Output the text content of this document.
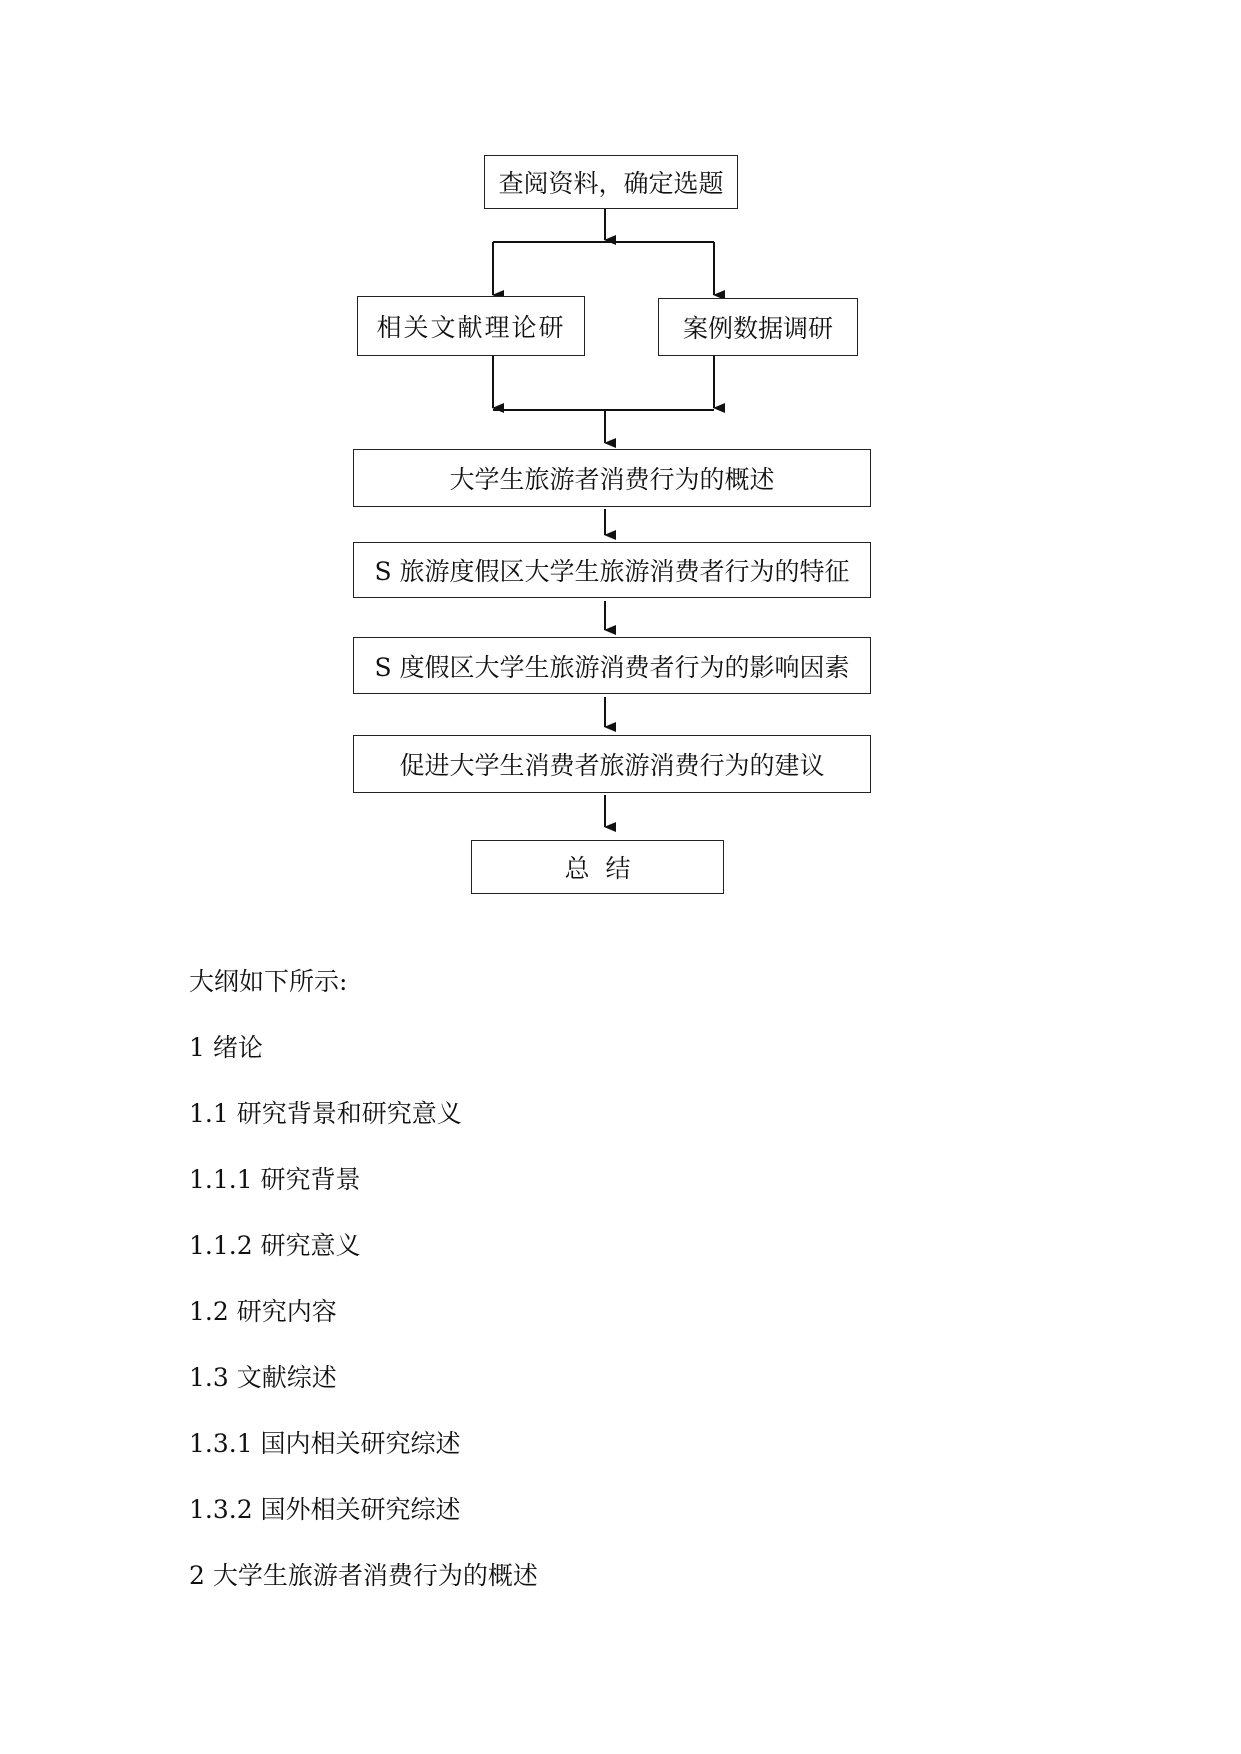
查阅资料，确定选题
相关文献理论研	案例数据调研
大学生旅游者消费行为的概述
S 旅游度假区大学生旅游消费者行为的特征
S 度假区大学生旅游消费者行为的影响因素
促进大学生消费者旅游消费行为的建议
总  结
大纲如下所示:
1 绪论
1.1 研究背景和研究意义
1.1.1 研究背景
1.1.2 研究意义
1.2 研究内容
1.3 文献综述
1.3.1 国内相关研究综述
1.3.2 国外相关研究综述
2 大学生旅游者消费行为的概述
